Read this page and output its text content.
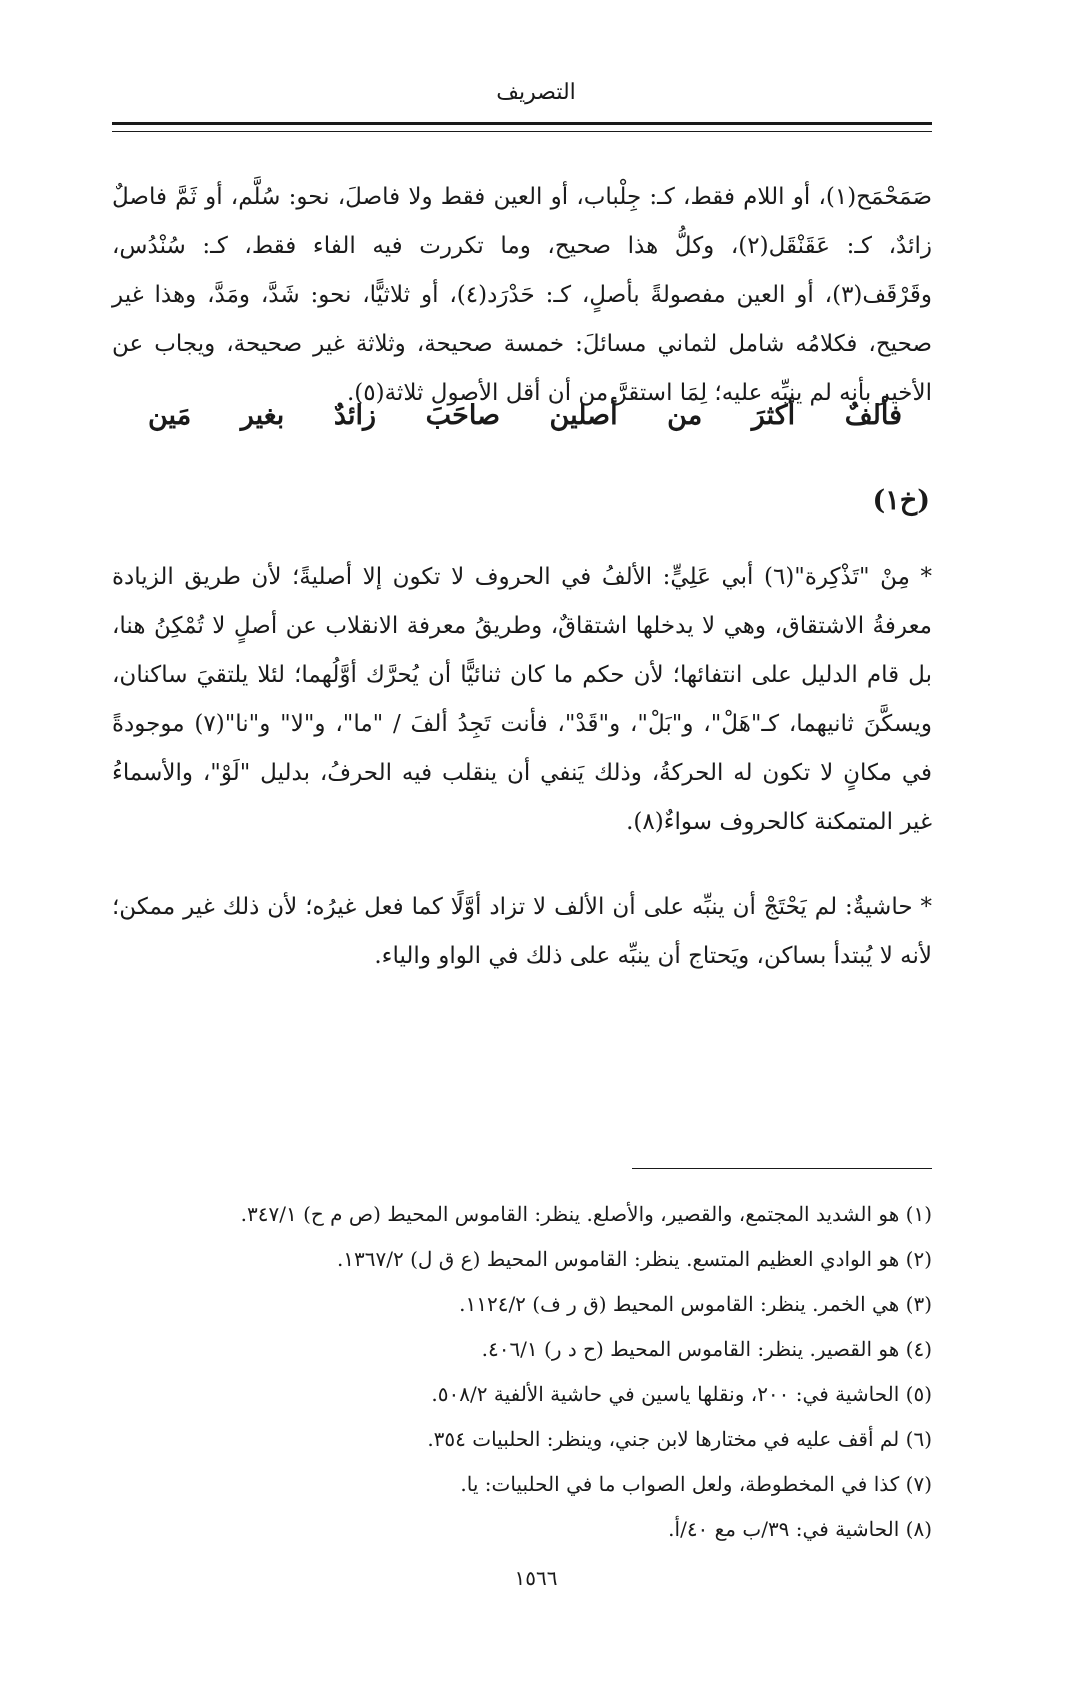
التصريف

صَمَحْمَح(١)، أو اللام فقط، كـ: جِلْباب، أو العين فقط ولا فاصلَ، نحو: سُلَّم، أو ثَمَّ فاصلٌ زائدٌ، كـ: عَقَنْقَل(٢)، وكلُّ هذا صحيح، وما تكررت فيه الفاء فقط، كـ: سُنْدُس، وقَرْقَف(٣)، أو العين مفصولةً بأصلٍ، كـ: حَدْرَد(٤)، أو ثلاثيًّا، نحو: شَدَّ، ومَدَّ، وهذا غير صحيح، فكلامُه شامل لثماني مسائلَ: خمسة صحيحة، وثلاثة غير صحيحة، ويجاب عن الأخير بأنه لم ينبِّه عليه؛ لِمَا استقرَّ من أن أقل الأصول ثلاثة(٥).

فألفٌ
أكثرَ
من
أصلين
صاحَبَ
زائدٌ
بغير
مَين
(خ١)

* مِنْ "تَذْكِرة"(٦) أبي عَلِيٍّ: الألفُ في الحروف لا تكون إلا أصليةً؛ لأن طريق الزيادة معرفةُ الاشتقاق، وهي لا يدخلها اشتقاقٌ، وطريقُ معرفة الانقلاب عن أصلٍ لا تُمْكِنُ هنا، بل قام الدليل على انتفائها؛ لأن حكم ما كان ثنائيًّا أن يُحرَّك أوَّلُهما؛ لئلا يلتقيَ ساكنان، ويسكَّنَ ثانيهما، كـ"هَلْ"، و"بَلْ"، و"قَدْ"، فأنت تَجِدُ ألفَ / "ما"، و"لا" و"نا"(٧) موجودةً في مكانٍ لا تكون له الحركةُ، وذلك يَنفي أن ينقلب فيه الحرفُ، بدليل "لَوْ"، والأسماءُ غير المتمكنة كالحروف سواءٌ(٨).

* حاشيةٌ: لم يَحْتَجْ أن ينبِّه على أن الألف لا تزاد أوَّلًا كما فعل غيرُه؛ لأن ذلك غير ممكن؛ لأنه لا يُبتدأ بساكن، ويَحتاج أن ينبِّه على ذلك في الواو والياء.

(١) هو الشديد المجتمع، والقصير، والأصلع. ينظر: القاموس المحيط (ص م ح) ٣٤٧/١.
(٢) هو الوادي العظيم المتسع. ينظر: القاموس المحيط (ع ق ل) ١٣٦٧/٢.
(٣) هي الخمر. ينظر: القاموس المحيط (ق ر ف) ١١٢٤/٢.
(٤) هو القصير. ينظر: القاموس المحيط (ح د ر) ٤٠٦/١.
(٥) الحاشية في: ٢٠٠، ونقلها ياسين في حاشية الألفية ٥٠٨/٢.
(٦) لم أقف عليه في مختارها لابن جني، وينظر: الحلبيات ٣٥٤.
(٧) كذا في المخطوطة، ولعل الصواب ما في الحلبيات: يا.
(٨) الحاشية في: ٣٩/ب مع ٤٠/أ.
١٥٦٦
